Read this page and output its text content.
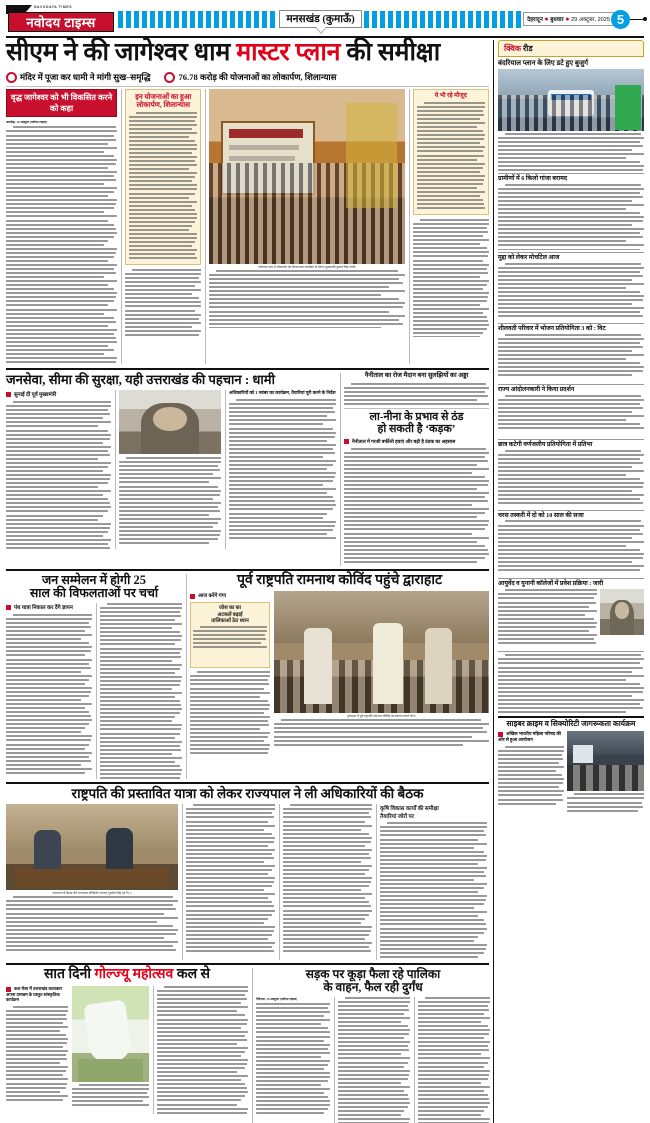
NAVODAYA TIMES
नवोदय टाइम्स	मनसखंड (कुमाऊँ)	देहरादून ● बुधवार ● 29 अक्टूबर, 2025 5
सीएम ने की जागेश्वर धाम मास्टर प्लान की समीक्षा
मंदिर में पूजा कर धामी ने मांगी सुख–समृद्धि	76.78 करोड़ की योजनाओं का लोकार्पण, शिलान्यास
वृद्ध जागेश्वर को भी विकसित करने को कहा
अल्मोड़ा, 28 अक्टूबर (नवोदय टाइम्स)
इन योजनाओं का हुआ लोकार्पण, शिलान्यास
जागेश्वर धाम में लोकार्पण एवं शिलान्यास कार्यक्रम के दौरान मुख्यमंत्री पुष्कर सिंह धामी।
ये भी रहे मौजूद
जनसेवा, सीमा की सुरक्षा, यही उत्तराखंड की पहचान : धामी
सुनाई दी पूर्व मुख्यमंत्री	अधिकारियों को 1 नवंबर का कार्यक्रम, तैयारियां पूरी करने के निर्देश
नैनीताल का रोज मैदान बना सुलझियों का अड्डा
ला-नीना के प्रभाव से ठंड
हो सकती है ‘कड़क’
नैनीताल में गरजी बर्फीली हवाएं और बढ़ी है ठंडक का अहसास
जन सम्मेलन में होगी 25
साल की विफलताओं पर चर्चा
पंथ यात्रा निकाल कर देंगे ज्ञापन
पूर्व राष्ट्रपति रामनाथ कोविंद पहुंचे द्वाराहाट
आज करेंगे गंगा
जोश का का
अटकलें बढ़ाईं
तालिकाओं ठेठ ध्यान
द्वाराहाट में पूर्व राष्ट्रपति रामनाथ कोविंद का स्वागत करते लोग।
राष्ट्रपति की प्रस्तावित यात्रा को लेकर राज्यपाल ने ली अधिकारियों की बैठक
राजभवन में बैठक लेते राज्यपाल लेफ्टिनेंट जनरल गुरमीत सिंह (से.नि.)।
कृषि विकास कार्यों की समीक्षा
तैयारियां जोरों पर
सात दिनी गोल्ज्यू महोत्सव कल से
कल मेला में उत्तराखंड कलाकार अपना दमखम के प्रस्तुत सांस्कृतिक कार्यक्रम
सड़क पर कूड़ा फैला रहे पालिका
के वाहन, फैल रही दुर्गंध
नैनीताल, 28 अक्टूबर (नवोदय टाइम्स)
क्विक रीड
बंदरियाल प्लान के लिए डटे हुए बुजुर्ग
ग्रामीणों में 6 किलो गांजा बरामद
मुद्दा को लेकर मोर्चाटेल आज
शीलवती परिवार में भोजन प्रतियोगिता 3 को : विट
राज्य आंदोलनकारी ने किया प्रदर्शन
छात्र कटेगी वर्णजलीय प्रतियोगिता में प्रतिभा
चरस तस्करी में दो को 10 साल की सजा
आयुर्वेद व युनानी कॉलेजों में प्रवेश प्रक्रिया : जारी
साइबर क्राइम व सिक्योरिटी जागरूकता कार्यक्रम
अखिल भारतीय महिला परिषद की ओर से हुआ आयोजन
